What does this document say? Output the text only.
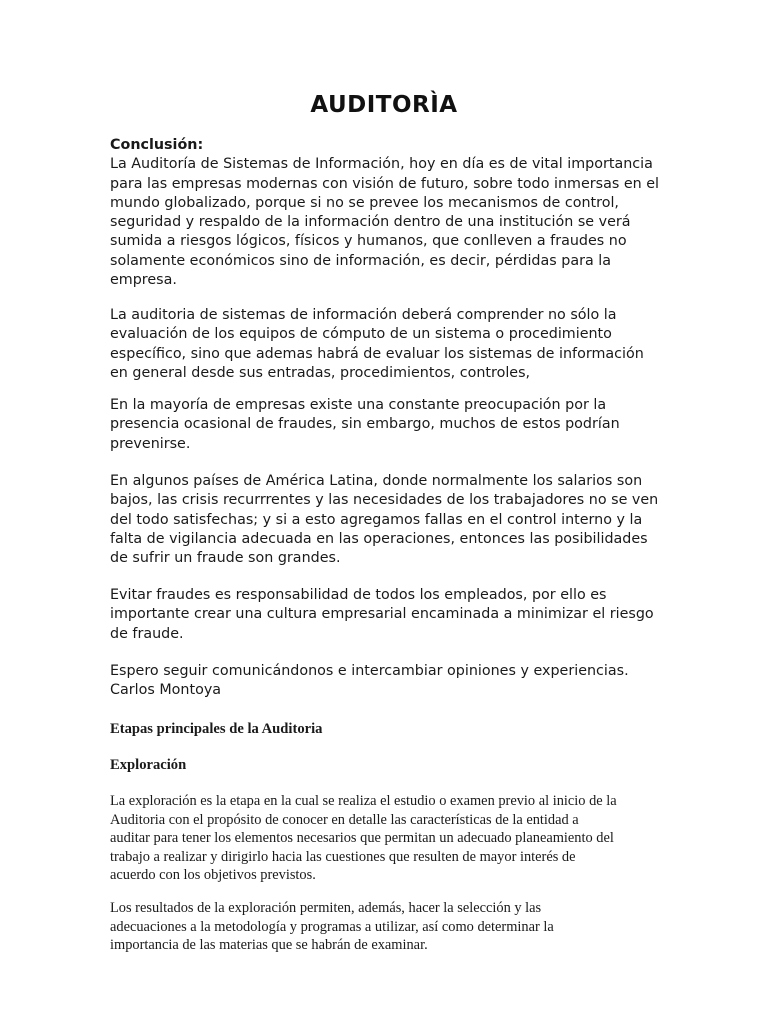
AUDITORÌA
Conclusión:
La Auditoría de Sistemas de Información, hoy en día es de vital importancia
para las empresas modernas con visión de futuro, sobre todo inmersas en el
mundo globalizado, porque si no se prevee los mecanismos de control,
seguridad y respaldo de la información dentro de una institución se verá
sumida a riesgos lógicos, físicos y humanos, que conlleven a fraudes no
solamente económicos sino de información, es decir, pérdidas para la
empresa.
La auditoria de sistemas de información deberá comprender no sólo la
evaluación de los equipos de cómputo de un sistema o procedimiento
específico, sino que ademas habrá de evaluar los sistemas de información
en general desde sus entradas, procedimientos, controles,
En la mayoría de empresas existe una constante preocupación por la
presencia ocasional de fraudes, sin embargo, muchos de estos podrían
prevenirse.
En algunos países de América Latina, donde normalmente los salarios son
bajos, las crisis recurrrentes y las necesidades de los trabajadores no se ven
del todo satisfechas; y si a esto agregamos fallas en el control interno y la
falta de vigilancia adecuada en las operaciones, entonces las posibilidades
de sufrir un fraude son grandes.
Evitar fraudes es responsabilidad de todos los empleados, por ello es
importante crear una cultura empresarial encaminada a minimizar el riesgo
de fraude.
Espero seguir comunicándonos e intercambiar opiniones y experiencias.
Carlos Montoya
Etapas principales de la Auditoria
Exploración
La exploración es la etapa en la cual se realiza el estudio o examen previo al inicio de la
Auditoria con el propósito de conocer en detalle las características de la entidad a
auditar para tener los elementos necesarios que permitan un adecuado planeamiento del
trabajo a realizar y dirigirlo hacia las cuestiones que resulten de mayor interés de
acuerdo con los objetivos previstos.
Los resultados de la exploración permiten, además, hacer la selección y las
adecuaciones a la metodología y programas a utilizar, así como determinar la
importancia de las materias que se habrán de examinar.
